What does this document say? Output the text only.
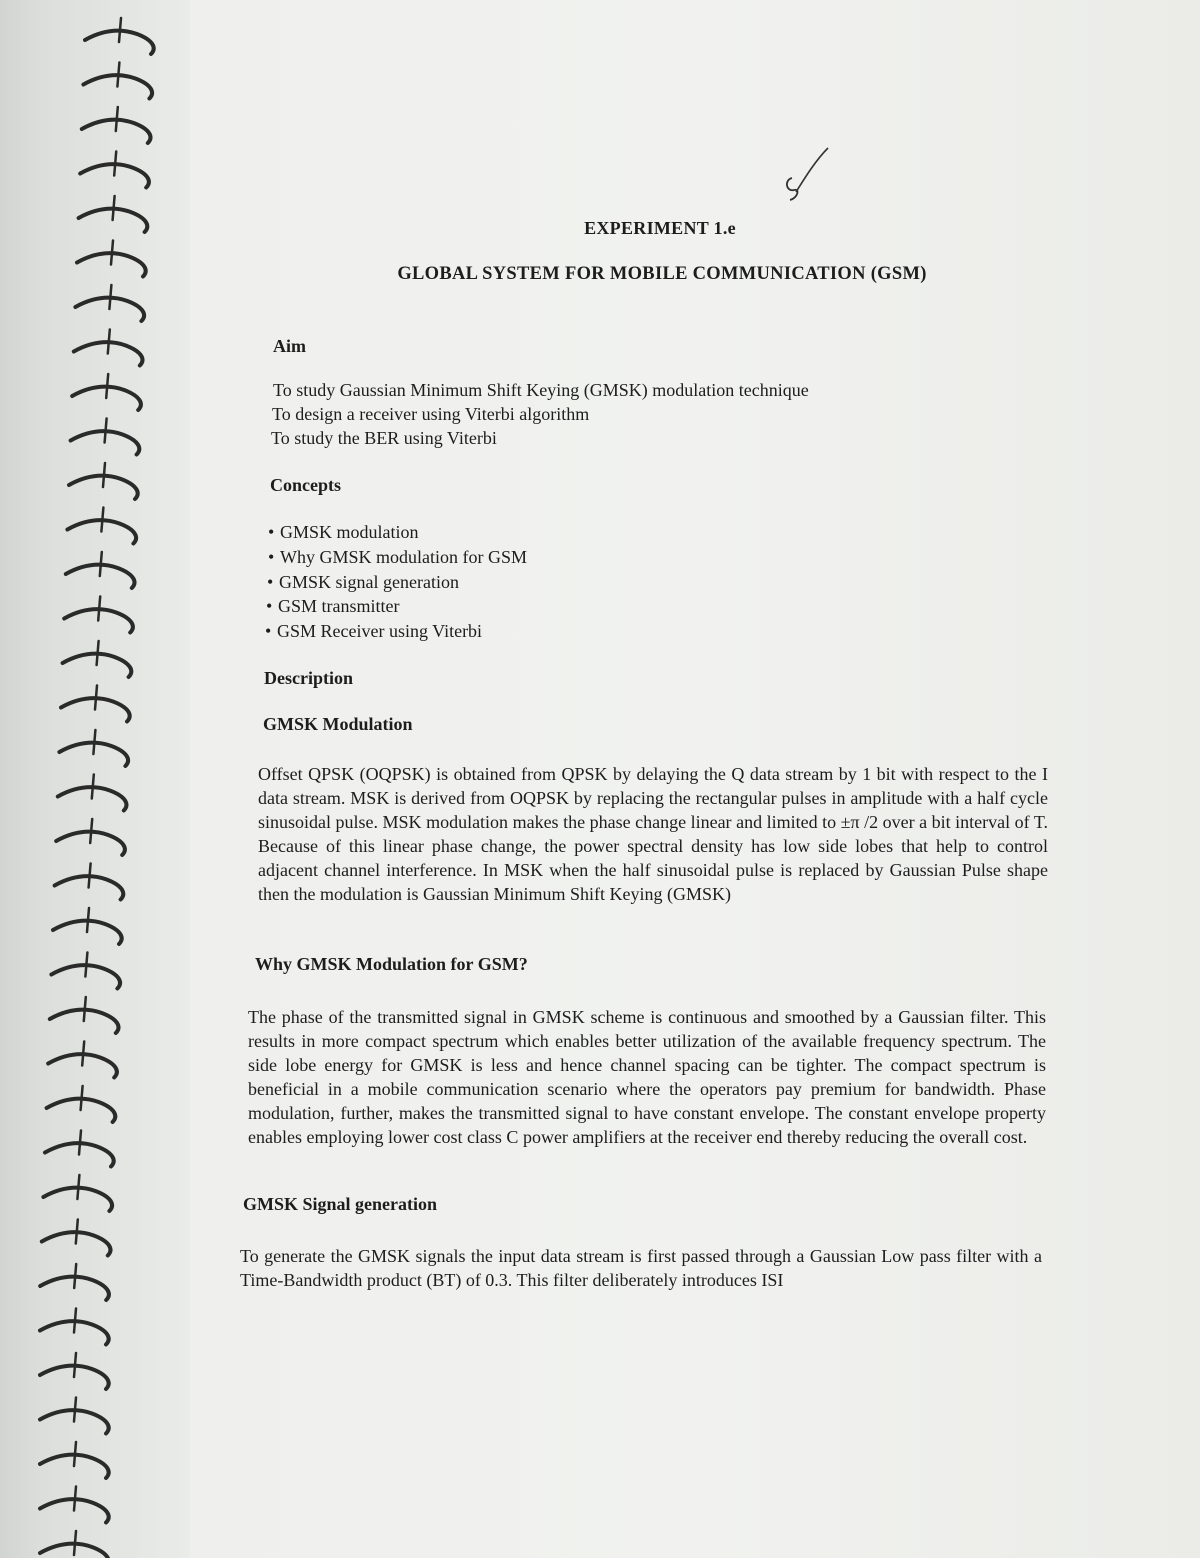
EXPERIMENT 1.e
GLOBAL SYSTEM FOR MOBILE COMMUNICATION (GSM)
Aim
To study Gaussian Minimum Shift Keying (GMSK) modulation technique
To design a receiver using Viterbi algorithm
To study the BER using Viterbi
Concepts
• GMSK modulation
• Why GMSK modulation for GSM
• GMSK signal generation
• GSM transmitter
• GSM Receiver using Viterbi
Description
GMSK Modulation
Offset QPSK (OQPSK) is obtained from QPSK by delaying the Q data stream by 1 bit with respect to the I data stream. MSK is derived from OQPSK by replacing the rectangular pulses in amplitude with a half cycle sinusoidal pulse. MSK modulation makes the phase change linear and limited to ±π /2 over a bit interval of T. Because of this linear phase change, the power spectral density has low side lobes that help to control adjacent channel interference. In MSK when the half sinusoidal pulse is replaced by Gaussian Pulse shape then the modulation is Gaussian Minimum Shift Keying (GMSK)
Why GMSK Modulation for GSM?
The phase of the transmitted signal in GMSK scheme is continuous and smoothed by a Gaussian filter. This results in more compact spectrum which enables better utilization of the available frequency spectrum. The side lobe energy for GMSK is less and hence channel spacing can be tighter. The compact spectrum is beneficial in a mobile communication scenario where the operators pay premium for bandwidth. Phase modulation, further, makes the transmitted signal to have constant envelope. The constant envelope property enables employing lower cost class C power amplifiers at the receiver end thereby reducing the overall cost.
GMSK Signal generation
To generate the GMSK signals the input data stream is first passed through a Gaussian Low pass filter with a Time-Bandwidth product (BT) of 0.3. This filter deliberately introduces ISI
